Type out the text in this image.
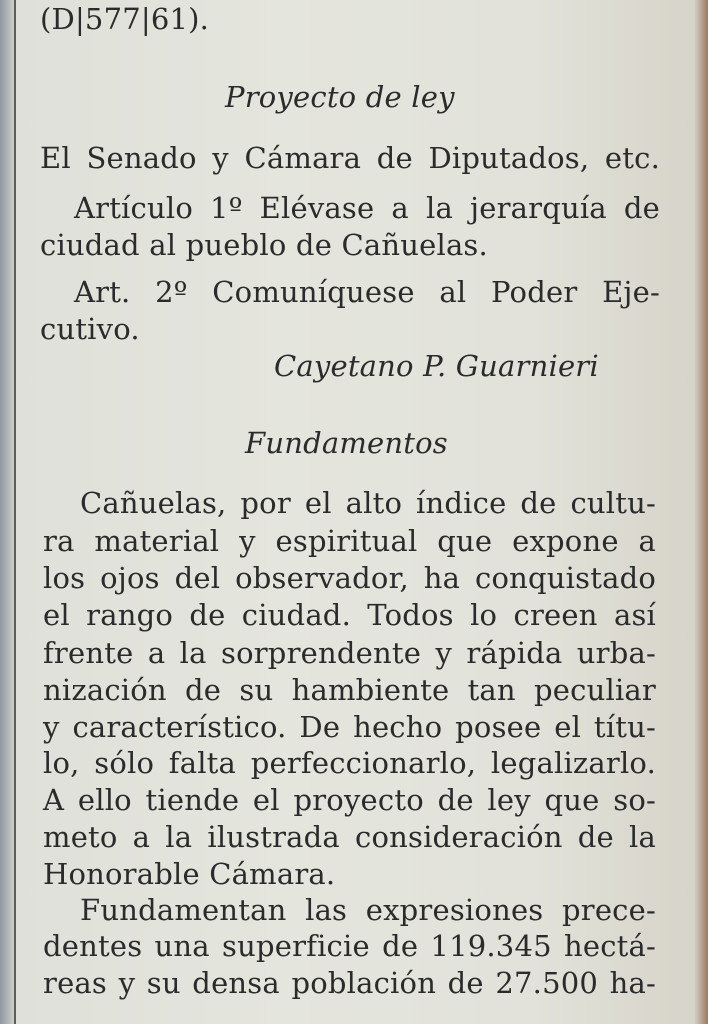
(D|577|61).
Proyecto de ley
El Senado y Cámara de Diputados, etc.
Artículo 1º Elévase a la jerarquía de
ciudad al pueblo de Cañuelas.
Art. 2º Comuníquese al Poder Eje-
cutivo.
Cayetano P. Guarnieri
Fundamentos
Cañuelas, por el alto índice de cultu-
ra material y espiritual que expone a
los ojos del observador, ha conquistado
el rango de ciudad. Todos lo creen así
frente a la sorprendente y rápida urba-
nización de su hambiente tan peculiar
y característico. De hecho posee el títu-
lo, sólo falta perfeccionarlo, legalizarlo.
A ello tiende el proyecto de ley que so-
meto a la ilustrada consideración de la
Honorable Cámara.
Fundamentan las expresiones prece-
dentes una superficie de 119.345 hectá-
reas y su densa población de 27.500 ha-
